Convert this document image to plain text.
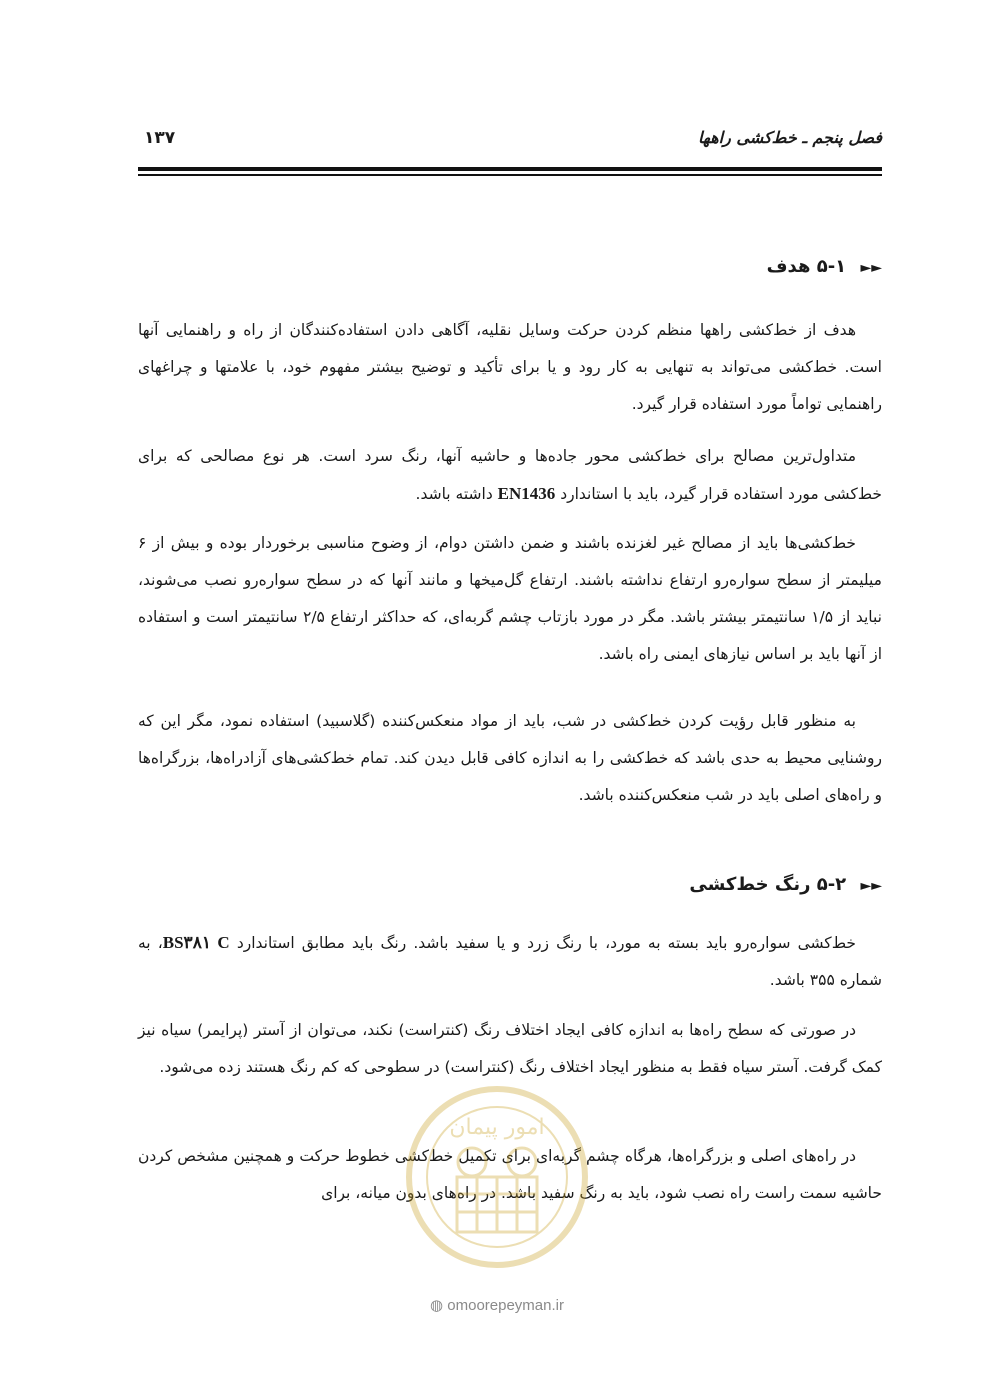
فصل پنجم ـ خط‌کشی راهها
۱۳۷
►► ۵-۱ هدف
هدف از خط‌کشی راهها منظم کردن حرکت وسایل نقلیه، آگاهی دادن استفاده‌کنندگان از راه و راهنمایی آنها است. خط‌کشی می‌تواند به تنهایی به کار رود و یا برای تأکید و توضیح بیشتر مفهوم خود، با علامتها و چراغهای راهنمایی تواماً مورد استفاده قرار گیرد.
متداول‌ترین مصالح برای خط‌کشی محور جاده‌ها و حاشیه آنها، رنگ سرد است. هر نوع مصالحی که برای خط‌کشی مورد استفاده قرار گیرد، باید با استاندارد EN1436 داشته باشد.
خط‌کشی‌ها باید از مصالح غیر لغزنده باشند و ضمن داشتن دوام، از وضوح مناسبی برخوردار بوده و بیش از ۶ میلیمتر از سطح سواره‌رو ارتفاع نداشته باشند. ارتفاع گل‌میخها و مانند آنها که در سطح سواره‌رو نصب می‌شوند، نباید از ۱/۵ سانتیمتر بیشتر باشد. مگر در مورد بازتاب چشم گربه‌ای، که حداکثر ارتفاع ۲/۵ سانتیمتر است و استفاده از آنها باید بر اساس نیازهای ایمنی راه باشد.
به منظور قابل رؤیت کردن خط‌کشی در شب، باید از مواد منعکس‌کننده (گلاسبید) استفاده نمود، مگر این که روشنایی محیط به حدی باشد که خط‌کشی را به اندازه کافی قابل دیدن کند. تمام خط‌کشی‌های آزادراه‌ها، بزرگراه‌ها و راه‌های اصلی باید در شب منعکس‌کننده باشد.
►► ۵-۲ رنگ خط‌کشی
خط‌کشی سواره‌رو باید بسته به مورد، با رنگ زرد و یا سفید باشد. رنگ باید مطابق استاندارد BS۳۸۱ C، به شماره ۳۵۵ باشد.
در صورتی که سطح راه‌ها به اندازه کافی ایجاد اختلاف رنگ (کنتراست) نکند، می‌توان از آستر (پرایمر) سیاه نیز کمک گرفت. آستر سیاه فقط به منظور ایجاد اختلاف رنگ (کنتراست) در سطوحی که کم رنگ هستند زده می‌شود.
در راه‌های اصلی و بزرگراه‌ها، هرگاه چشم گربه‌ای برای تکمیل خط‌کشی خطوط حرکت و همچنین مشخص کردن حاشیه سمت راست راه نصب شود، باید به رنگ سفید باشد. در راه‌های بدون میانه، برای
امور پیمان
◍ omoorepeyman.ir
